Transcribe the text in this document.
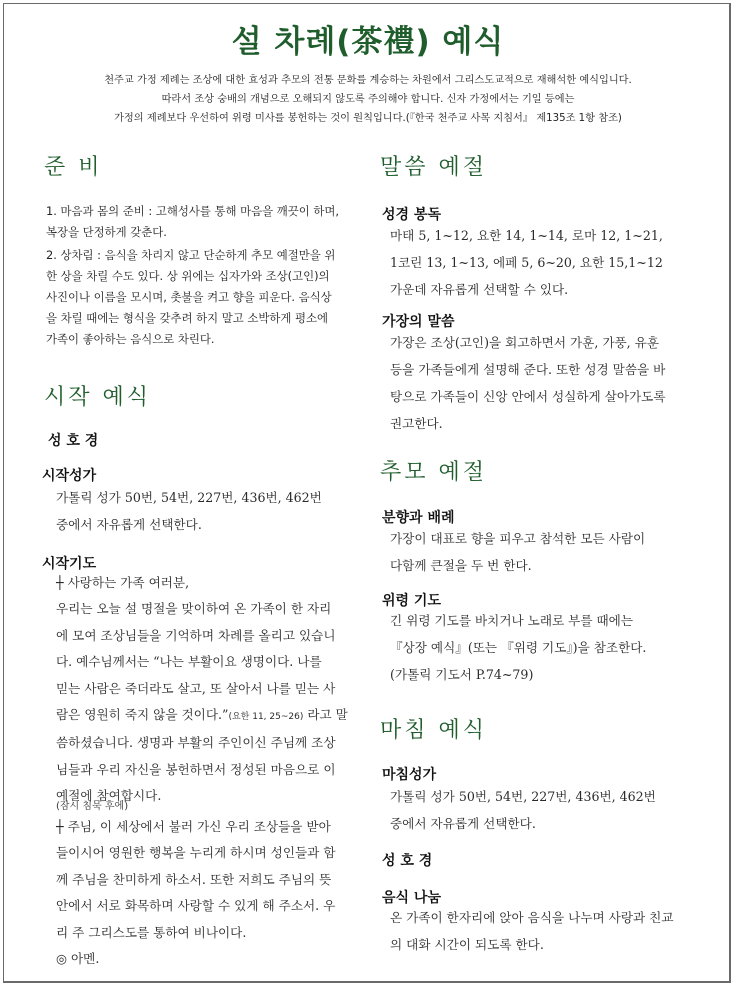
설 차례(茶禮) 예식
천주교 가정 제례는 조상에 대한 효성과 추모의 전통 문화를 계승하는 차원에서 그리스도교적으로 재해석한 예식입니다.
따라서 조상 숭배의 개념으로 오해되지 않도록 주의해야 합니다. 신자 가정에서는 기일 등에는
가정의 제례보다 우선하여 위령 미사를 봉헌하는 것이 원칙입니다.(『한국 천주교 사목 지침서』 제135조 1항 참조)
준 비
1. 마음과 몸의 준비 : 고해성사를 통해 마음을 깨끗이 하며,
복장을 단정하게 갖춘다.
2. 상차림 : 음식을 차리지 않고 단순하게 추모 예절만을 위
한 상을 차릴 수도 있다. 상 위에는 십자가와 조상(고인)의
사진이나 이름을 모시며, 촛불을 켜고 향을 피운다. 음식상
을 차릴 때에는 형식을 갖추려 하지 말고 소박하게 평소에
가족이 좋아하는 음식으로 차린다.
시작 예식
성 호 경
시작성가
가톨릭 성가 50번, 54번, 227번, 436번, 462번
중에서 자유롭게 선택한다.
시작기도
┼ 사랑하는 가족 여러분,
우리는 오늘 설 명절을 맞이하여 온 가족이 한 자리
에 모여 조상님들을 기억하며 차례를 올리고 있습니
다. 예수님께서는 “나는 부활이요 생명이다. 나를
믿는 사람은 죽더라도 살고, 또 살아서 나를 믿는 사
람은 영원히 죽지 않을 것이다.”(요한 11, 25~26) 라고 말
씀하셨습니다. 생명과 부활의 주인이신 주님께 조상
님들과 우리 자신을 봉헌하면서 정성된 마음으로 이
예절에 참여합시다.
(잠시 침묵 후에)
┼ 주님, 이 세상에서 불러 가신 우리 조상들을 받아
들이시어 영원한 행복을 누리게 하시며 성인들과 함
께 주님을 찬미하게 하소서. 또한 저희도 주님의 뜻
안에서 서로 화목하며 사랑할 수 있게 해 주소서. 우
리 주 그리스도를 통하여 비나이다.
◎ 아멘.
말씀 예절
성경 봉독
마태 5, 1~12, 요한 14, 1~14, 로마 12, 1~21,
1코린 13, 1~13, 에페 5, 6~20, 요한 15,1~12
가운데 자유롭게 선택할 수 있다.
가장의 말씀
가장은 조상(고인)을 회고하면서 가훈, 가풍, 유훈
등을 가족들에게 설명해 준다. 또한 성경 말씀을 바
탕으로 가족들이 신앙 안에서 성실하게 살아가도록
권고한다.
추모 예절
분향과 배례
가장이 대표로 향을 피우고 참석한 모든 사람이
다함께 큰절을 두 번 한다.
위령 기도
긴 위령 기도를 바치거나 노래로 부를 때에는
『상장 예식』(또는 『위령 기도』)을 참조한다.
(가톨릭 기도서 P.74~79)
마침 예식
마침성가
가톨릭 성가 50번, 54번, 227번, 436번, 462번
중에서 자유롭게 선택한다.
성 호 경
음식 나눔
온 가족이 한자리에 앉아 음식을 나누며 사랑과 친교
의 대화 시간이 되도록 한다.
